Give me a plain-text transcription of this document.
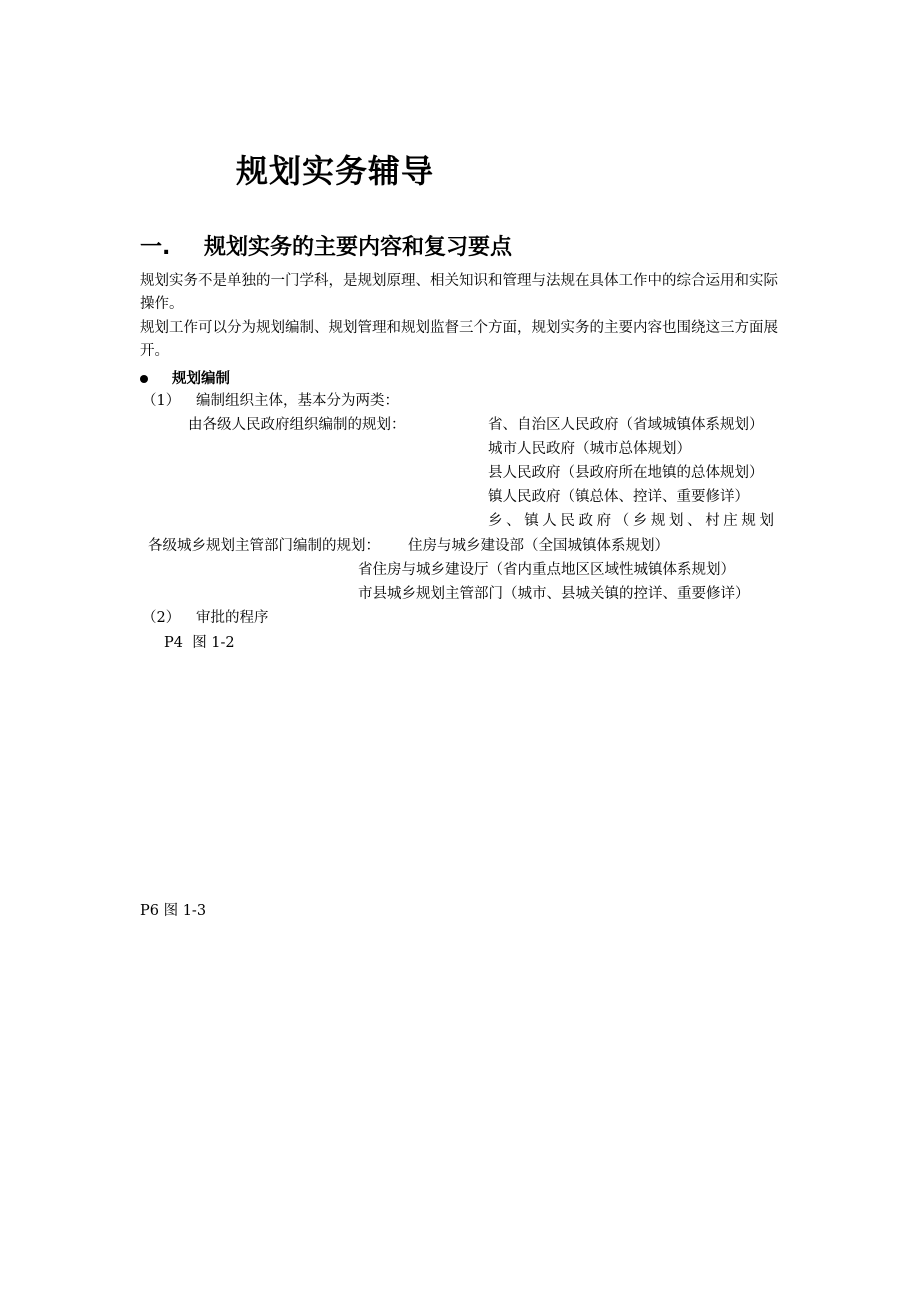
规划实务辅导
一. 规划实务的主要内容和复习要点
规划实务不是单独的一门学科，是规划原理、相关知识和管理与法规在具体工作中的综合运用和实际操作。
规划工作可以分为规划编制、规划管理和规划监督三个方面，规划实务的主要内容也围绕这三方面展开。
规划编制
（1） 编制组织主体，基本分为两类：
由各级人民政府组织编制的规划：	省、自治区人民政府（省域城镇体系规划）
城市人民政府（城市总体规划）
县人民政府（县政府所在地镇的总体规划）
镇人民政府（镇总体、控详、重要修详）
乡、镇人民政府（乡规划、村庄规划
各级城乡规划主管部门编制的规划： 住房与城乡建设部（全国城镇体系规划）
省住房与城乡建设厅（省内重点地区区域性城镇体系规划）
市县城乡规划主管部门（城市、县城关镇的控详、重要修详）
（2） 审批的程序
P4  图 1-2
P6 图 1-3
